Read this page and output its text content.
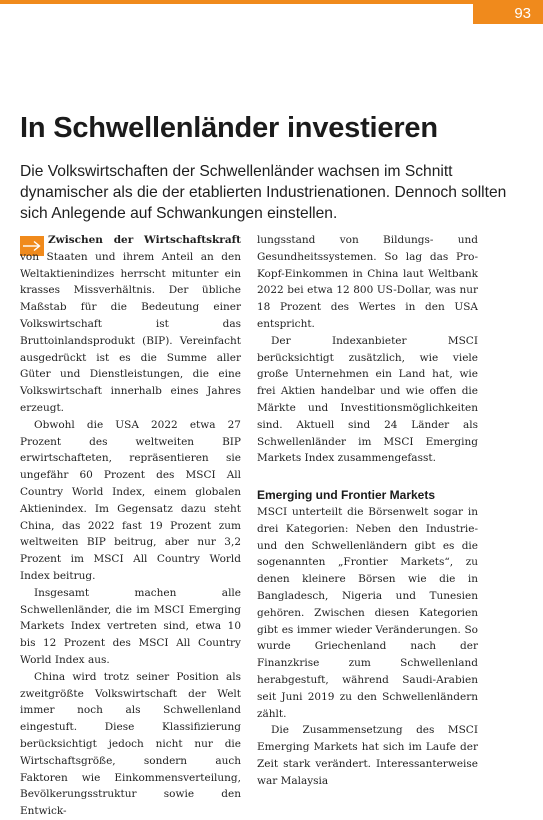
93
In Schwellenländer investieren

Die Volkswirtschaften der Schwellenländer wachsen im Schnitt dynamischer als die der etablierten Industrienationen. Dennoch sollten sich Anlegende auf Schwankungen einstellen.

Zwischen der Wirtschaftskraft von Staaten und ihrem Anteil an den Weltaktienindizes herrscht mitunter ein krasses Missverhältnis. Der übliche Maßstab für die Bedeutung einer Volkswirtschaft ist das Bruttoinlandsprodukt (BIP). Vereinfacht ausgedrückt ist es die Summe aller Güter und Dienstleistungen, die eine Volkswirtschaft innerhalb eines Jahres erzeugt.

Obwohl die USA 2022 etwa 27 Prozent des weltweiten BIP erwirtschafteten, repräsentieren sie ungefähr 60 Prozent des MSCI All Country World Index, einem globalen Aktienindex. Im Gegensatz dazu steht China, das 2022 fast 19 Prozent zum weltweiten BIP beitrug, aber nur 3,2 Prozent im MSCI All Country World Index beitrug.

Insgesamt machen alle Schwellenländer, die im MSCI Emerging Markets Index vertreten sind, etwa 10 bis 12 Prozent des MSCI All Country World Index aus.

China wird trotz seiner Position als zweitgrößte Volkswirtschaft der Welt immer noch als Schwellenland eingestuft. Diese Klassifizierung berücksichtigt jedoch nicht nur die Wirtschaftsgröße, sondern auch Faktoren wie Einkommensverteilung, Bevölkerungsstruktur sowie den Entwick-

lungsstand von Bildungs- und Gesundheitssystemen. So lag das Pro-Kopf-Einkommen in China laut Weltbank 2022 bei etwa 12 800 US-Dollar, was nur 18 Prozent des Wertes in den USA entspricht.

Der Indexanbieter MSCI berücksichtigt zusätzlich, wie viele große Unternehmen ein Land hat, wie frei Aktien handelbar und wie offen die Märkte und Investitionsmöglichkeiten sind. Aktuell sind 24 Länder als Schwellenländer im MSCI Emerging Markets Index zusammengefasst.

Emerging und Frontier Markets

MSCI unterteilt die Börsenwelt sogar in drei Kategorien: Neben den Industrie- und den Schwellenländern gibt es die sogenannten „Frontier Markets“, zu denen kleinere Börsen wie die in Bangladesch, Nigeria und Tunesien gehören. Zwischen diesen Kategorien gibt es immer wieder Veränderungen. So wurde Griechenland nach der Finanzkrise zum Schwellenland herabgestuft, während Saudi-Arabien seit Juni 2019 zu den Schwellenländern zählt.

Die Zusammensetzung des MSCI Emerging Markets hat sich im Laufe der Zeit stark verändert. Interessanterweise war Malaysia
